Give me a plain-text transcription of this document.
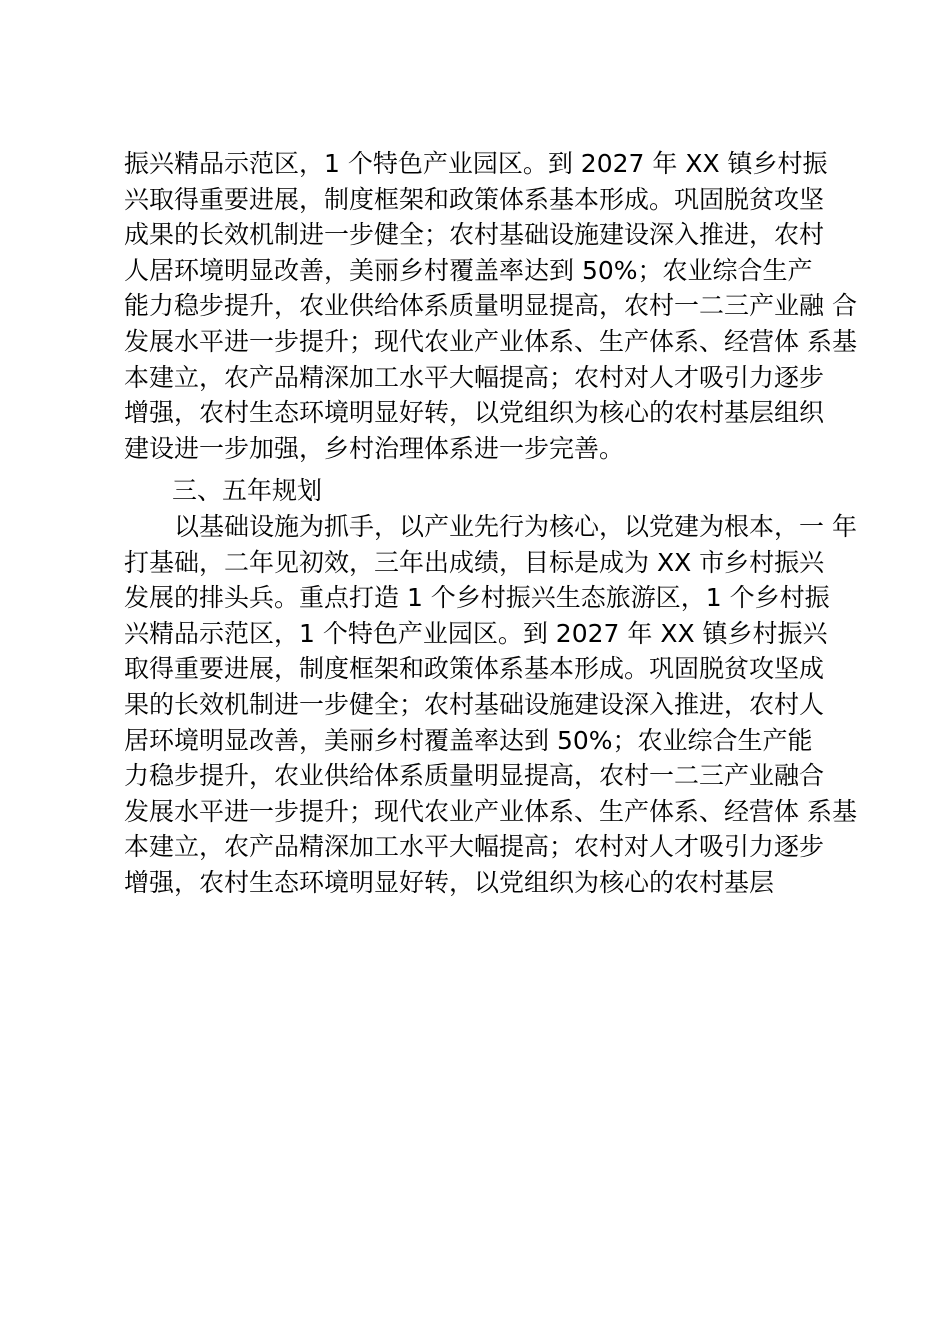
振兴精品示范区，1 个特色产业园区。到 2027 年 XX 镇乡村振
兴取得重要进展，制度框架和政策体系基本形成。巩固脱贫攻坚
成果的长效机制进一步健全；农村基础设施建设深入推进，农村
人居环境明显改善，美丽乡村覆盖率达到 50%；农业综合生产
能力稳步提升，农业供给体系质量明显提高，农村一二三产业融 合
发展水平进一步提升；现代农业产业体系、生产体系、经营体 系基
本建立，农产品精深加工水平大幅提高；农村对人才吸引力逐步
增强，农村生态环境明显好转，以党组织为核心的农村基层组织
建设进一步加强，乡村治理体系进一步完善。
三、五年规划
　　以基础设施为抓手，以产业先行为核心，以党建为根本，一 年
打基础，二年见初效，三年出成绩，目标是成为 XX 市乡村振兴
发展的排头兵。重点打造 1 个乡村振兴生态旅游区，1 个乡村振
兴精品示范区，1 个特色产业园区。到 2027 年 XX 镇乡村振兴
取得重要进展，制度框架和政策体系基本形成。巩固脱贫攻坚成
果的长效机制进一步健全；农村基础设施建设深入推进，农村人
居环境明显改善，美丽乡村覆盖率达到 50%；农业综合生产能
力稳步提升，农业供给体系质量明显提高，农村一二三产业融合
发展水平进一步提升；现代农业产业体系、生产体系、经营体 系基
本建立，农产品精深加工水平大幅提高；农村对人才吸引力逐步
增强，农村生态环境明显好转，以党组织为核心的农村基层
